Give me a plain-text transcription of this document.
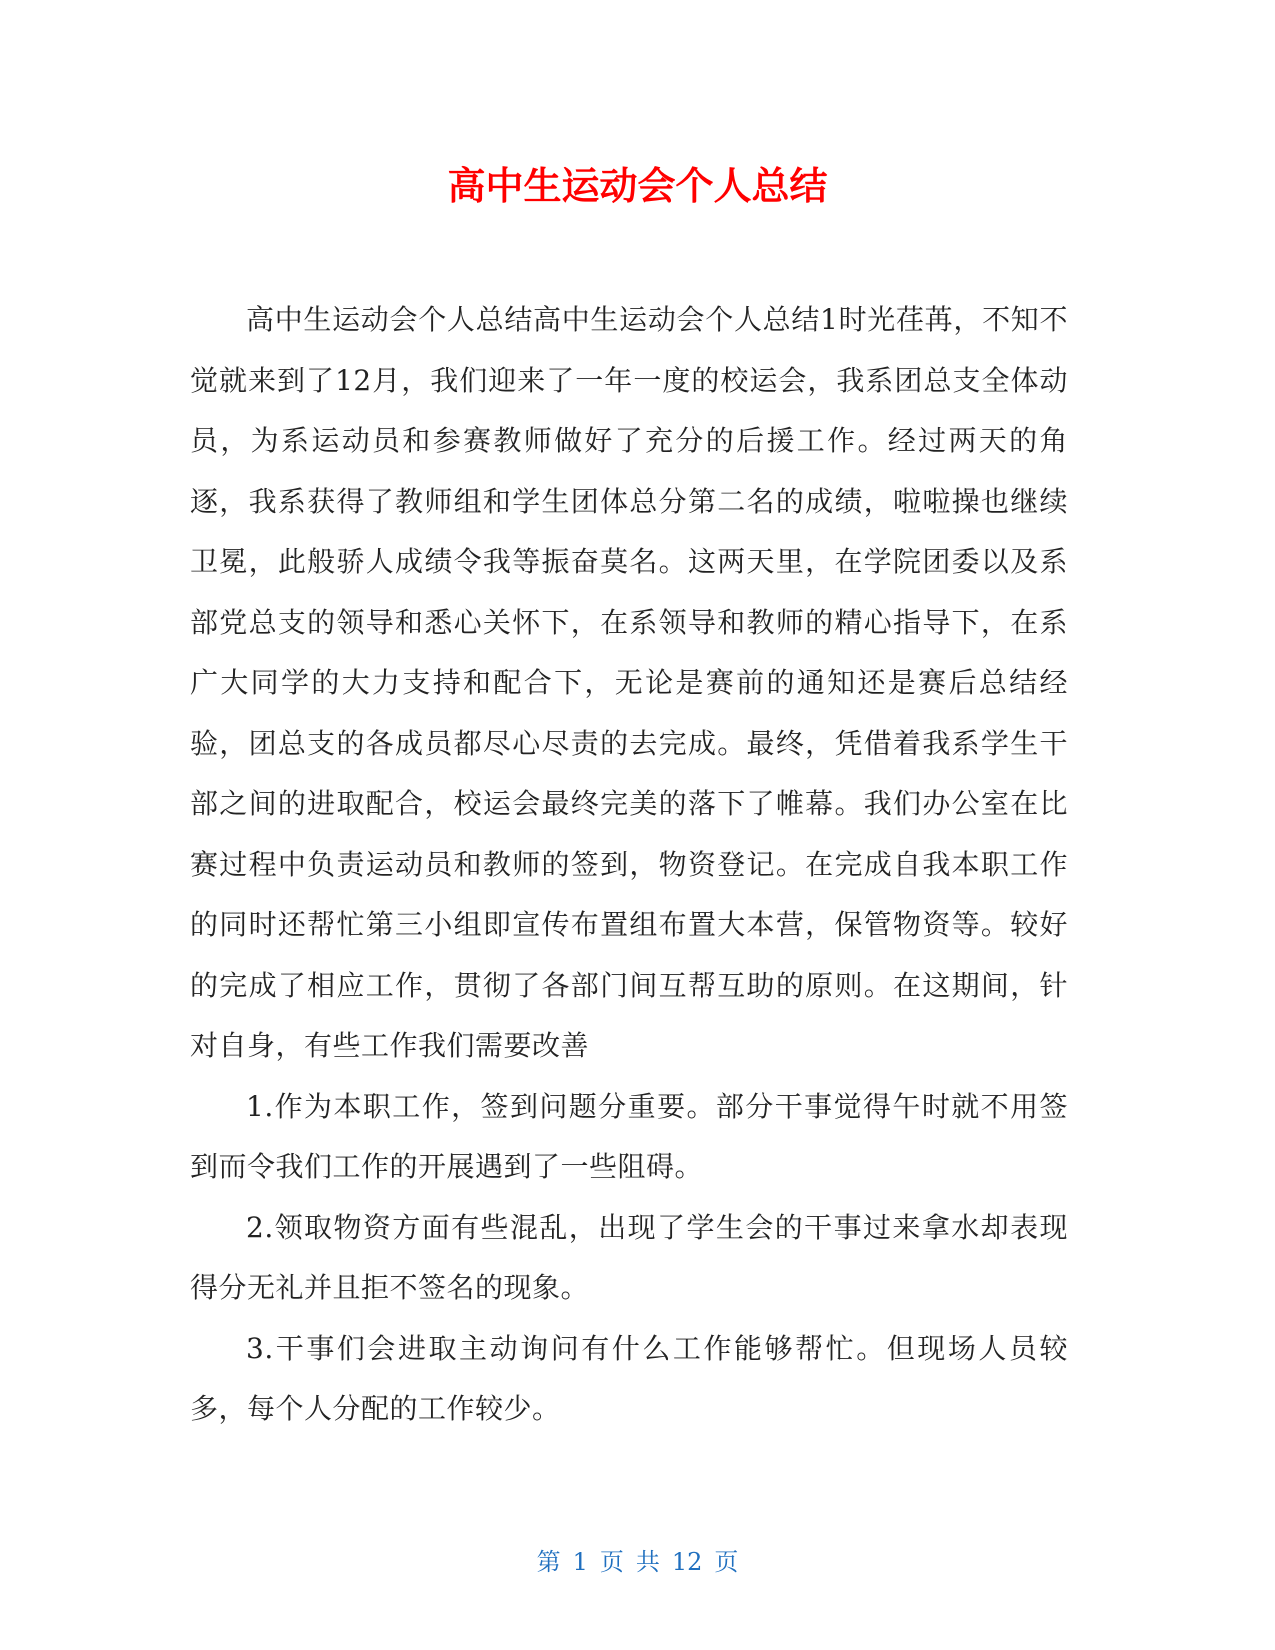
高中生运动会个人总结

高中生运动会个人总结高中生运动会个人总结1时光荏苒，不知不觉就来到了12月，我们迎来了一年一度的校运会，我系团总支全体动员，为系运动员和参赛教师做好了充分的后援工作。经过两天的角逐，我系获得了教师组和学生团体总分第二名的成绩，啦啦操也继续卫冕，此般骄人成绩令我等振奋莫名。这两天里，在学院团委以及系部党总支的领导和悉心关怀下，在系领导和教师的精心指导下，在系广大同学的大力支持和配合下，无论是赛前的通知还是赛后总结经验，团总支的各成员都尽心尽责的去完成。最终，凭借着我系学生干部之间的进取配合，校运会最终完美的落下了帷幕。我们办公室在比赛过程中负责运动员和教师的签到，物资登记。在完成自我本职工作的同时还帮忙第三小组即宣传布置组布置大本营，保管物资等。较好的完成了相应工作，贯彻了各部门间互帮互助的原则。在这期间，针对自身，有些工作我们需要改善

1.作为本职工作，签到问题分重要。部分干事觉得午时就不用签到而令我们工作的开展遇到了一些阻碍。

2.领取物资方面有些混乱，出现了学生会的干事过来拿水却表现得分无礼并且拒不签名的现象。

3.干事们会进取主动询问有什么工作能够帮忙。但现场人员较多，每个人分配的工作较少。

第 1 页 共 12 页
